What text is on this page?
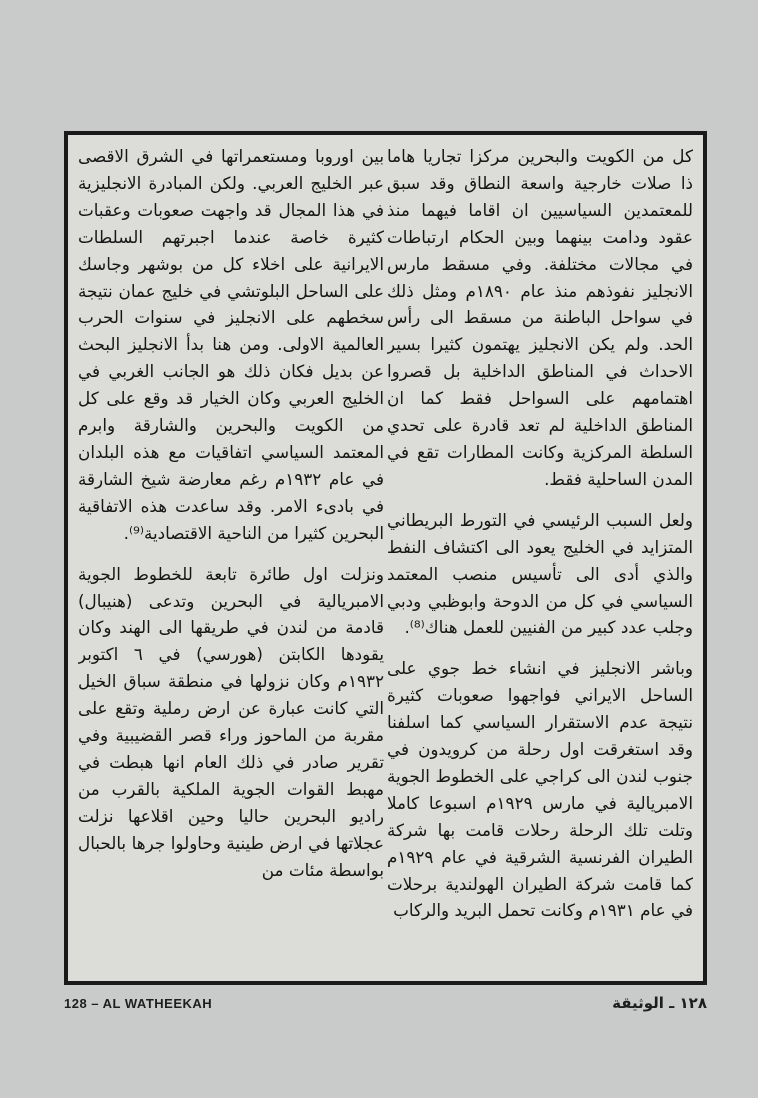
كل من الكويت والبحرين مركزا تجاريا هاما ذا صلات خارجية واسعة النطاق وقد سبق للمعتمدين السياسيين ان اقاما فيهما منذ عقود ودامت بينهما وبين الحكام ارتباطات في مجالات مختلفة. وفي مسقط مارس الانجليز نفوذهم منذ عام ١٨٩٠م ومثل ذلك في سواحل الباطنة من مسقط الى رأس الحد. ولم يكن الانجليز يهتمون كثيرا بسير الاحداث في المناطق الداخلية بل قصروا اهتمامهم على السواحل فقط كما ان المناطق الداخلية لم تعد قادرة على تحدي السلطة المركزية وكانت المطارات تقع في المدن الساحلية فقط.

ولعل السبب الرئيسي في التورط البريطاني المتزايد في الخليج يعود الى اكتشاف النفط والذي أدى الى تأسيس منصب المعتمد السياسي في كل من الدوحة وابوظبي ودبي وجلب عدد كبير من الفنيين للعمل هناك⁽⁸⁾.

وباشر الانجليز في انشاء خط جوي على الساحل الايراني فواجهوا صعوبات كثيرة نتيجة عدم الاستقرار السياسي كما اسلفنا وقد استغرقت اول رحلة من كرويدون في جنوب لندن الى كراجي على الخطوط الجوية الامبريالية في مارس ١٩٢٩م اسبوعا كاملا وتلت تلك الرحلة رحلات قامت بها شركة الطيران الفرنسية الشرقية في عام ١٩٢٩م كما قامت شركة الطيران الهولندية برحلات في عام ١٩٣١م وكانت تحمل البريد والركاب

بين اوروبا ومستعمراتها في الشرق الاقصى عبر الخليج العربي. ولكن المبادرة الانجليزية في هذا المجال قد واجهت صعوبات وعقبات كثيرة خاصة عندما اجبرتهم السلطات الايرانية على اخلاء كل من بوشهر وجاسك على الساحل البلوتشي في خليج عمان نتيجة سخطهم على الانجليز في سنوات الحرب العالمية الاولى. ومن هنا بدأ الانجليز البحث عن بديل فكان ذلك هو الجانب الغربي في الخليج العربي وكان الخيار قد وقع على كل من الكويت والبحرين والشارقة وابرم المعتمد السياسي اتفاقيات مع هذه البلدان في عام ١٩٣٢م رغم معارضة شيخ الشارقة في بادىء الامر. وقد ساعدت هذه الاتفاقية البحرين كثيرا من الناحية الاقتصادية⁽⁹⁾.

ونزلت اول طائرة تابعة للخطوط الجوية الامبريالية في البحرين وتدعى (هنيبال) قادمة من لندن في طريقها الى الهند وكان يقودها الكابتن (هورسي) في ٦ اكتوبر ١٩٣٢م وكان نزولها في منطقة سباق الخيل التي كانت عبارة عن ارض رملية وتقع على مقربة من الماحوز وراء قصر القضيبية وفي تقرير صادر في ذلك العام انها هبطت في مهبط القوات الجوية الملكية بالقرب من راديو البحرين حاليا وحين اقلاعها نزلت عجلاتها في ارض طينية وحاولوا جرها بالحبال بواسطة مئات من

128 – AL WATHEEKAH	١٢٨ ـ الوثيقة
